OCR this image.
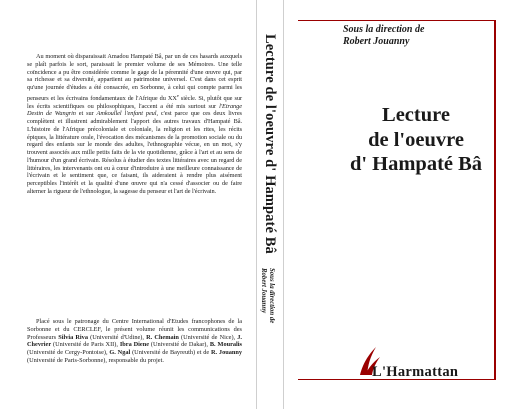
Au moment où disparaissait Amadou Hampaté Bâ, par un de ces hasards auxquels se plaît parfois le sort, paraissait le premier volume de ses Mémoires. Une telle coïncidence a pu être considérée comme le gage de la pérennité d'une œuvre qui, par sa richesse et sa diversité, appartient au patrimoine universel. C'est dans cet esprit qu'une journée d'études a été consacrée, en Sorbonne, à celui qui compte parmi les penseurs et les écrivains fondamentaux de l'Afrique du XXe siècle. Si, plutôt que sur les écrits scientifiques ou philosophiques, l'accent a été mis surtout sur l'Etrange Destin de Wangrin et sur Amkoullel l'enfant peul, c'est parce que ces deux livres complètent et illustrent admirablement l'apport des autres travaux d'Hampaté Bâ. L'histoire de l'Afrique précoloniale et coloniale, la religion et les rites, les récits épiques, la littérature orale, l'évocation des mécanismes de la promotion sociale ou du regard des enfants sur le monde des adultes, l'ethnographie vécue, en un mot, s'y trouvent associés aux mille petits faits de la vie quotidienne, grâce à l'art et au sens de l'humour d'un grand écrivain. Résolus à étudier des textes littéraires avec un regard de littéraires, les intervenants ont eu à cœur d'introduire à une meilleure connaissance de l'écrivain et le sentiment que, ce faisant, ils aideraient à rendre plus aisément perceptibles l'intérêt et la qualité d'une œuvre qui n'a cessé d'associer ou de faire alterner la rigueur de l'ethnologue, la sagesse du penseur et l'art de l'écrivain.
Placé sous le patronage du Centre International d'Etudes francophones de la Sorbonne et du CERCLEF, le présent volume réunit les communications des Professeurs Silvia Riva (Université d'Udine), R. Chemain (Université de Nice), J. Chevrier (Université de Paris XII), Ibra Diene (Université de Dakar), B. Mouralis (Université de Cergy-Pontoise), G. Ngal (Université de Bayreuth) et de R. Jouanny (Université de Paris-Sorbonne), responsable du projet.
Lecture de l'oeuvre d' Hampaté Bâ
Sous la direction de
Robert Jouanny
Sous la direction de
Robert Jouanny
Lecture
de l'oeuvre
d' Hampaté Bâ
L'Harmattan
